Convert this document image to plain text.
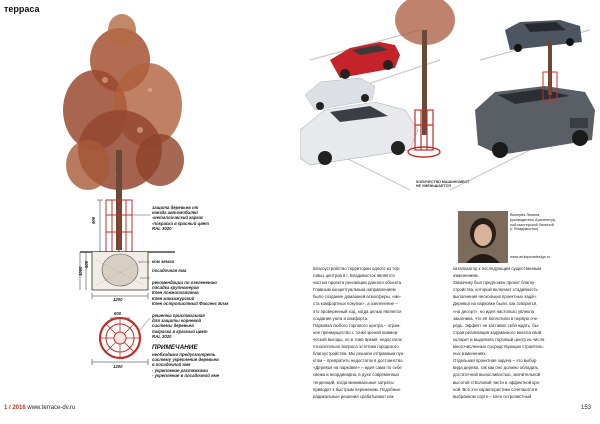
терраса
900
1000
600
1200
600
1200
защита деревьев от
наезда автомобилей
-металлический каркас
-покраска в красный цвет
RAL 3020
ком земли
посадочная яма
рекомендации по озеленению
посадка крупномеров
Клен ложноплатанов
Клен маньчжурский
Клен остролистный Фассенс Блэк
решетка приствольная
для защиты корневой
системы деревьев
покраска в красный цвет
RAL 3020
ПРИМЕЧАНИЕ
необходимо предусмотреть
систему укрепления деревьев
в посадочной яме
- укрепление растяжками
- укрепление в посадочной яме
КОЛИЧЕСТВО МАШИНОМЕСТ
НЕ УМЕНЬШАЕТСЯ
Валерия Ляпина,
руководитель Архитектур-
ной мастерской Ляпиной
(г. Владивосток)
www.arhlapinadesign.ru
Благоустройство территории одного из тор-
говых центров в г. Владивосток является
частью проекта реновации данного объекта.
Главным концептуальным направлением
было создание домашней атмосферы, «ме-
ста комфортных покупок», а озеленение –
это проверенный ход, когда целью является
создание уюта и комфорта.
Парковка любого торгового центра – огром-
ное преимущество с точки зрения коммер-
ческой выгоды, но в тоже время, недостаток
относительно вопроса эстетики городского
благоустройства. Мы решили отправным пун-
ктом – превратить недостаток в достоинство.
«Деревья на парковке» – идея сама по себе
свежа и неординарна, в духе современных
тенденций, когда минимальные затраты
приводят к быстрым переменам. Подобные
радикальные решения срабатывают как
катализатор к последующим существенным
изменениям.
Заказчику был предложен проект благоу-
стройства, который включает стадийность
выполнения нескольких проектных задач.
Деревья на парковке были, как говорится,
«на десерт», но идея настолько увлекла
заказчика, что её воплотили в первую оче-
редь. Эффект не заставил себя ждать: бы-
страя реализация задуманного внесла свой
колорит и выделила торговый центр из числа
многочисленных сосредствующих строитель-
ных изменениях.
Отдельная проектная задача – это выбор
вида дерева, так как оно должно обладать
достаточной выносливостью, значительной
высотой стволовой части и эффектной кро-
ной. Все эти характеристики сочетаются в
выбранном сорте – клен остролистный
1 / 2016 www.terrace-dv.ru	153
